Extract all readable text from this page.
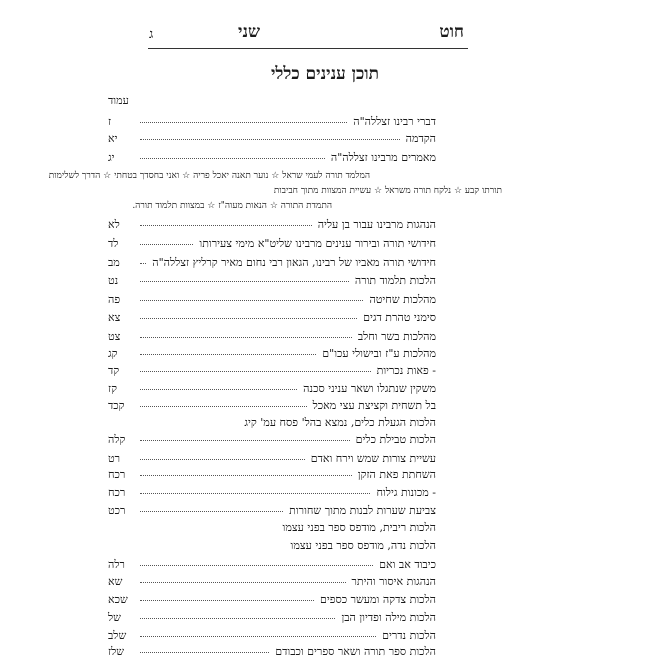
חוט
שני
ג
תוכן ענינים כללי
עמוד
דברי רבינו זצללה"ה
ז
הקדמה
יא
מאמרים מרבינו זצללה"ה
יג
הנהגות מרבינו עבור בן עליה
לא
חידושי תורה ובירור ענינים מרבינו שליט"א מימי צעירותו
לד
חידושי תורה מאביו של רבינו, הגאון רבי נחום מאיר קרליץ זצללה"ה
מב
הלכות תלמוד תורה
נט
מהלכות שחיטה
פה
סימני טהרת דגים
צא
מהלכות בשר וחלב
צט
מהלכות ע"ז ובישולי עכו"ם
קג
- פאות נכריות
קד
משקין שנתגלו ושאר עניני סכנה
קז
בל תשחית וקציצת עצי מאכל
קכד
הלכות הגעלת כלים, נמצא בהל' פסח עמ' קיג
הלכות טבילת כלים
קלה
עשיית צורות שמש וירח ואדם
רט
השחתת פאת הזקן
רכח
- מכונות גילוח
רכח
צביעת שערות לבנות מתוך שחורות
רכט
הלכות ריבית, מודפס ספר בפני עצמו
הלכות נדה, מודפס ספר בפני עצמו
כיבוד אב ואם
רלה
הנהגות איסור והיתר
שא
הלכות צדקה ומעשר כספים
שכא
הלכות מילה ופדיון הבן
של
הלכות נדרים
שלב
הלכות ספר תורה ושאר ספרים וכבודם
שלז
המלמד תורה לעמי שראל ☆ נוער תאנה יאכל פריה ☆ ואני בחסדך בטחתי ☆ הדרך לשלימות
תורתו קבע ☆ נלקח תורה משראל ☆ עשיית המצוות מתוך חביבות
התמדת התורה ☆ הנאות מעוה"ז ☆ במצוות תלמוד תורה.
